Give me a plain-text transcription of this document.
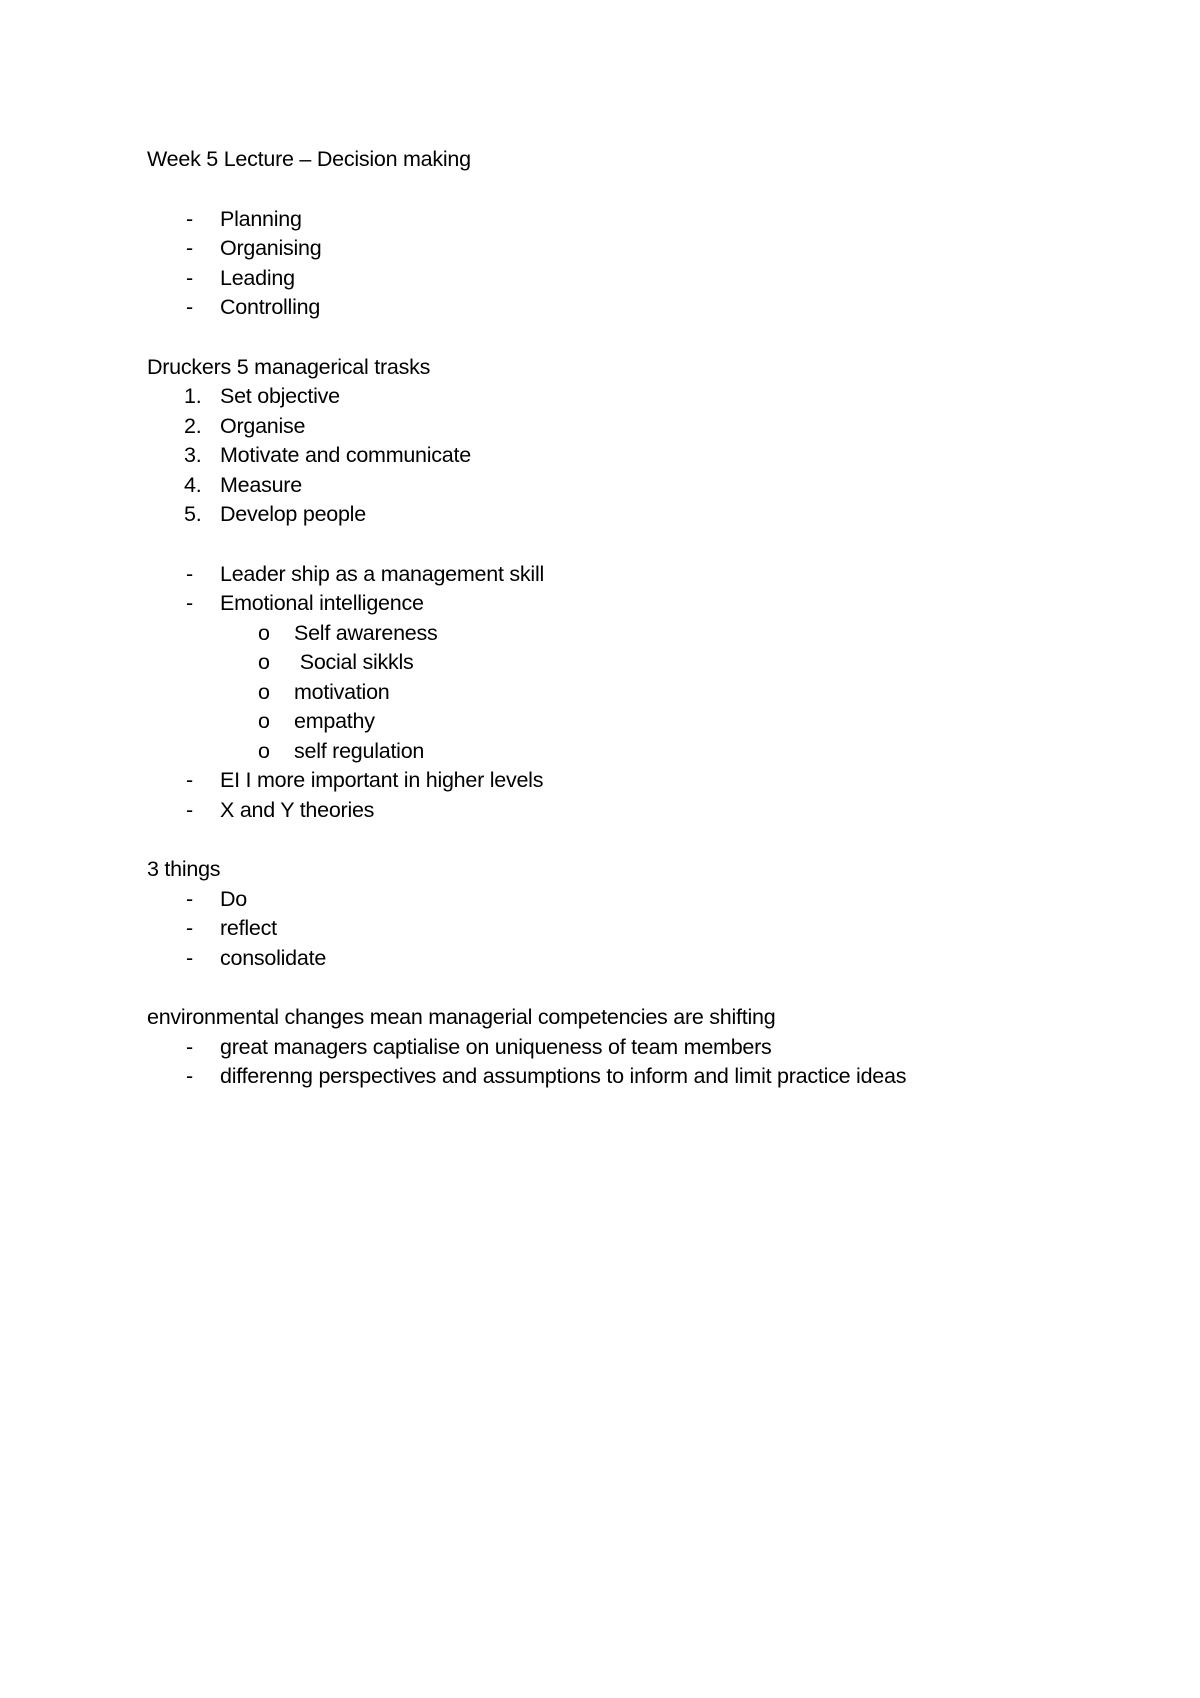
Week 5 Lecture – Decision making

-	Planning
-	Organising
-	Leading
-	Controlling

Druckers 5 managerical trasks

1. Set objective
2. Organise
3. Motivate and communicate
4. Measure
5. Develop people
-	Leader ship as a management skill
-	Emotional intelligence
o	Self awareness
o	Social sikkls
o	motivation
o	empathy
o	self regulation
-	EI I more important in higher levels
-	X and Y theories

3 things

-	Do
-	reflect
-	consolidate

environmental changes mean managerial competencies are shifting

-	great managers captialise on uniqueness of team members
-	differenng perspectives and assumptions to inform and limit practice ideas
